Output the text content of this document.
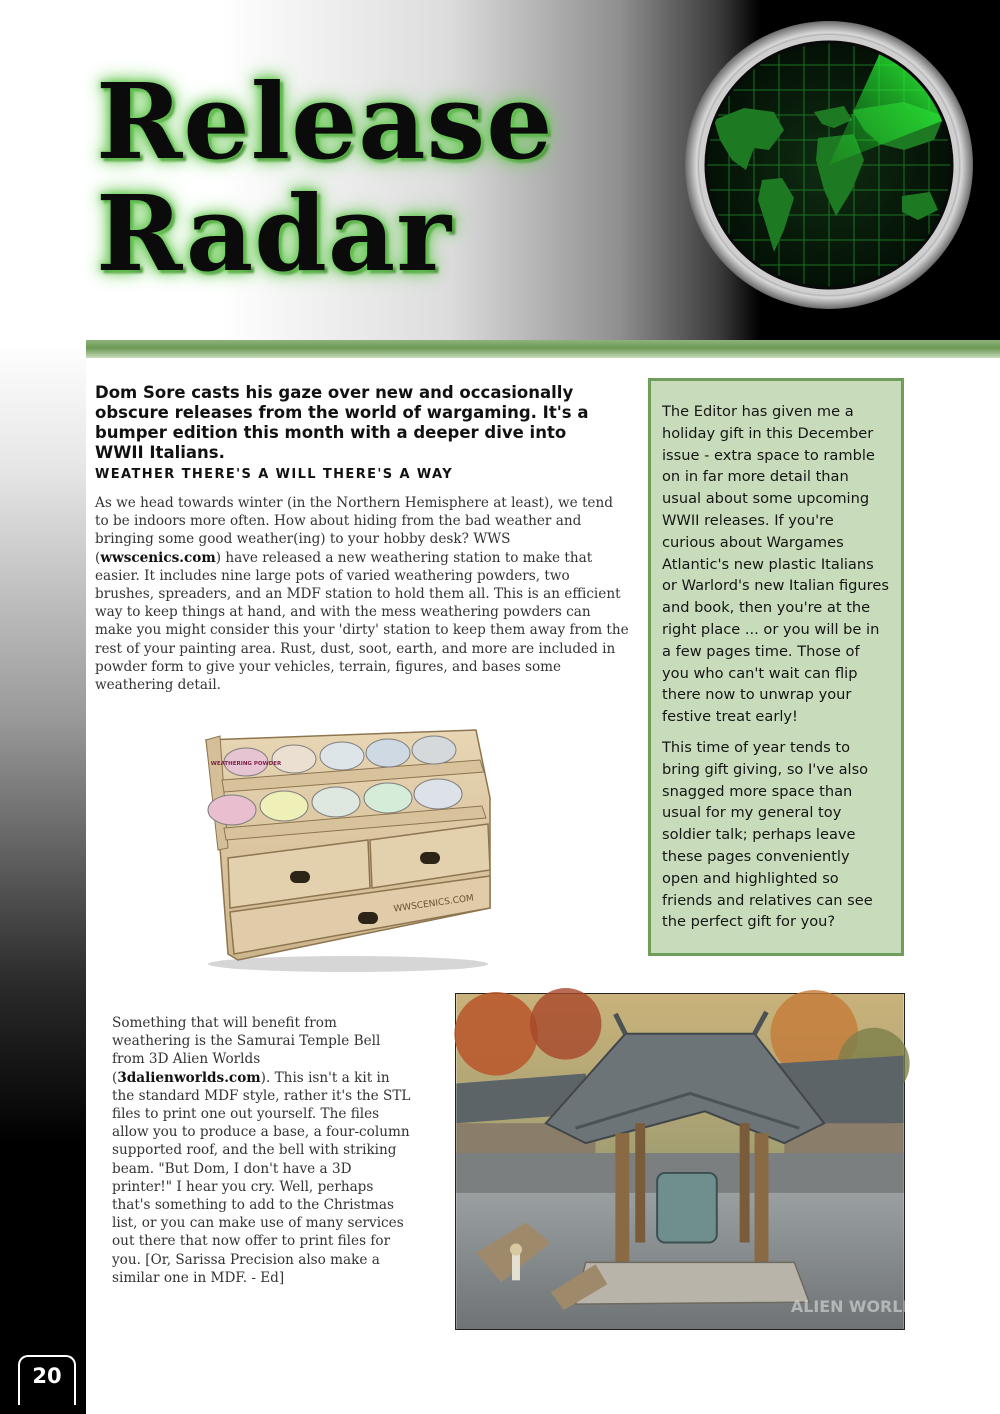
Release
Radar

Dom Sore casts his gaze over new and occasionally obscure releases from the world of wargaming. It's a bumper edition this month with a deeper dive into WWII Italians.

WEATHER THERE'S A WILL THERE'S A WAY

As we head towards winter (in the Northern Hemisphere at least), we tend to be indoors more often. How about hiding from the bad weather and bringing some good weather(ing) to your hobby desk? WWS (wwscenics.com) have released a new weathering station to make that easier. It includes nine large pots of varied weathering powders, two brushes, spreaders, and an MDF station to hold them all. This is an efficient way to keep things at hand, and with the mess weathering powders can make you might consider this your 'dirty' station to keep them away from the rest of your painting area. Rust, dust, soot, earth, and more are included in powder form to give your vehicles, terrain, figures, and bases some weathering detail.

WEATHERING POWDER
WWSCENICS.COM

The Editor has given me a holiday gift in this December issue - extra space to ramble on in far more detail than usual about some upcoming WWII releases. If you're curious about Wargames Atlantic's new plastic Italians or Warlord's new Italian figures and book, then you're at the right place ... or you will be in a few pages time. Those of you who can't wait can flip there now to unwrap your festive treat early!

This time of year tends to bring gift giving, so I've also snagged more space than usual for my general toy soldier talk; perhaps leave these pages conveniently open and highlighted so friends and relatives can see the perfect gift for you?

Something that will benefit from weathering is the Samurai Temple Bell from 3D Alien Worlds (3dalienworlds.com). This isn't a kit in the standard MDF style, rather it's the STL files to print one out yourself. The files allow you to produce a base, a four-column supported roof, and the bell with striking beam. "But Dom, I don't have a 3D printer!" I hear you cry. Well, perhaps that's something to add to the Christmas list, or you can make use of many services out there that now offer to print files for you. [Or, Sarissa Precision also make a similar one in MDF. - Ed]

ALIEN WORLDS
20
